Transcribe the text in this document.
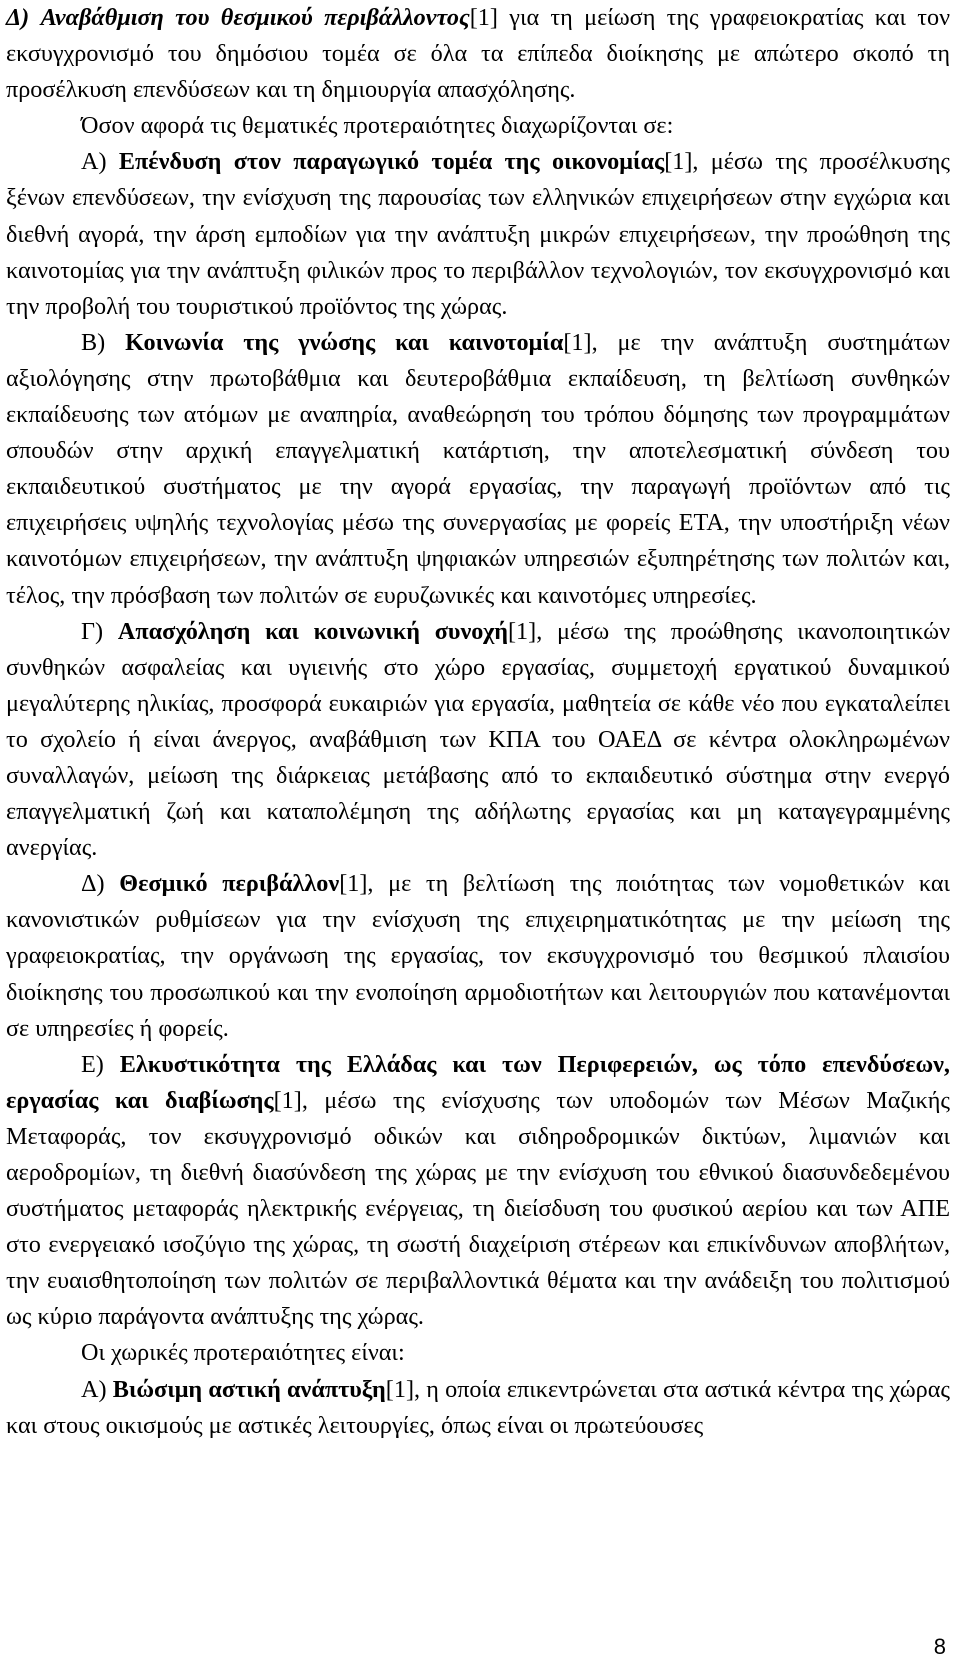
Δ) Αναβάθμιση του θεσμικού περιβάλλοντος[1] για τη μείωση της γραφειοκρατίας και τον εκσυγχρονισμό του δημόσιου τομέα σε όλα τα επίπεδα διοίκησης με απώτερο σκοπό τη προσέλκυση επενδύσεων και τη δημιουργία απασχόλησης.

Όσον αφορά τις θεματικές προτεραιότητες διαχωρίζονται σε:

Α) Επένδυση στον παραγωγικό τομέα της οικονομίας[1], μέσω της προσέλκυσης ξένων επενδύσεων, την ενίσχυση της παρουσίας των ελληνικών επιχειρήσεων στην εγχώρια και διεθνή αγορά, την άρση εμποδίων για την ανάπτυξη μικρών επιχειρήσεων, την προώθηση της καινοτομίας για την ανάπτυξη φιλικών προς το περιβάλλον τεχνολογιών, τον εκσυγχρονισμό και την προβολή του τουριστικού προϊόντος της χώρας.

Β) Κοινωνία της γνώσης και καινοτομία[1], με την ανάπτυξη συστημάτων αξιολόγησης στην πρωτοβάθμια και δευτεροβάθμια εκπαίδευση, τη βελτίωση συνθηκών εκπαίδευσης των ατόμων με αναπηρία, αναθεώρηση του τρόπου δόμησης των προγραμμάτων σπουδών στην αρχική επαγγελματική κατάρτιση, την αποτελεσματική σύνδεση του εκπαιδευτικού συστήματος με την αγορά εργασίας, την παραγωγή προϊόντων από τις επιχειρήσεις υψηλής τεχνολογίας μέσω της συνεργασίας με φορείς ΕΤΑ, την υποστήριξη νέων καινοτόμων επιχειρήσεων, την ανάπτυξη ψηφιακών υπηρεσιών εξυπηρέτησης των πολιτών και, τέλος, την πρόσβαση των πολιτών σε ευρυζωνικές και καινοτόμες υπηρεσίες.

Γ) Απασχόληση και κοινωνική συνοχή[1], μέσω της προώθησης ικανοποιητικών συνθηκών ασφαλείας και υγιεινής στο χώρο εργασίας, συμμετοχή εργατικού δυναμικού μεγαλύτερης ηλικίας, προσφορά ευκαιριών για εργασία, μαθητεία σε κάθε νέο που εγκαταλείπει το σχολείο ή είναι άνεργος, αναβάθμιση των ΚΠΑ του ΟΑΕΔ σε κέντρα ολοκληρωμένων συναλλαγών, μείωση της διάρκειας μετάβασης από το εκπαιδευτικό σύστημα στην ενεργό επαγγελματική ζωή και καταπολέμηση της αδήλωτης εργασίας και μη καταγεγραμμένης ανεργίας.

Δ) Θεσμικό περιβάλλον[1], με τη βελτίωση της ποιότητας των νομοθετικών και κανονιστικών ρυθμίσεων για την ενίσχυση της επιχειρηματικότητας με την μείωση της γραφειοκρατίας, την οργάνωση της εργασίας, τον εκσυγχρονισμό του θεσμικού πλαισίου διοίκησης του προσωπικού και την ενοποίηση αρμοδιοτήτων και λειτουργιών που κατανέμονται σε υπηρεσίες ή φορείς.

Ε) Ελκυστικότητα της Ελλάδας και των Περιφερειών, ως τόπο επενδύσεων, εργασίας και διαβίωσης[1], μέσω της ενίσχυσης των υποδομών των Μέσων Μαζικής Μεταφοράς, τον εκσυγχρονισμό οδικών και σιδηροδρομικών δικτύων, λιμανιών και αεροδρομίων, τη διεθνή διασύνδεση της χώρας με την ενίσχυση του εθνικού διασυνδεδεμένου συστήματος μεταφοράς ηλεκτρικής ενέργειας, τη διείσδυση του φυσικού αερίου και των ΑΠΕ στο ενεργειακό ισοζύγιο της χώρας, τη σωστή διαχείριση στέρεων και επικίνδυνων αποβλήτων, την ευαισθητοποίηση των πολιτών σε περιβαλλοντικά θέματα και την ανάδειξη του πολιτισμού ως κύριο παράγοντα ανάπτυξης της χώρας.

Οι χωρικές προτεραιότητες είναι:

Α) Βιώσιμη αστική ανάπτυξη[1], η οποία επικεντρώνεται στα αστικά κέντρα της χώρας και στους οικισμούς με αστικές λειτουργίες, όπως είναι οι πρωτεύουσες

8
